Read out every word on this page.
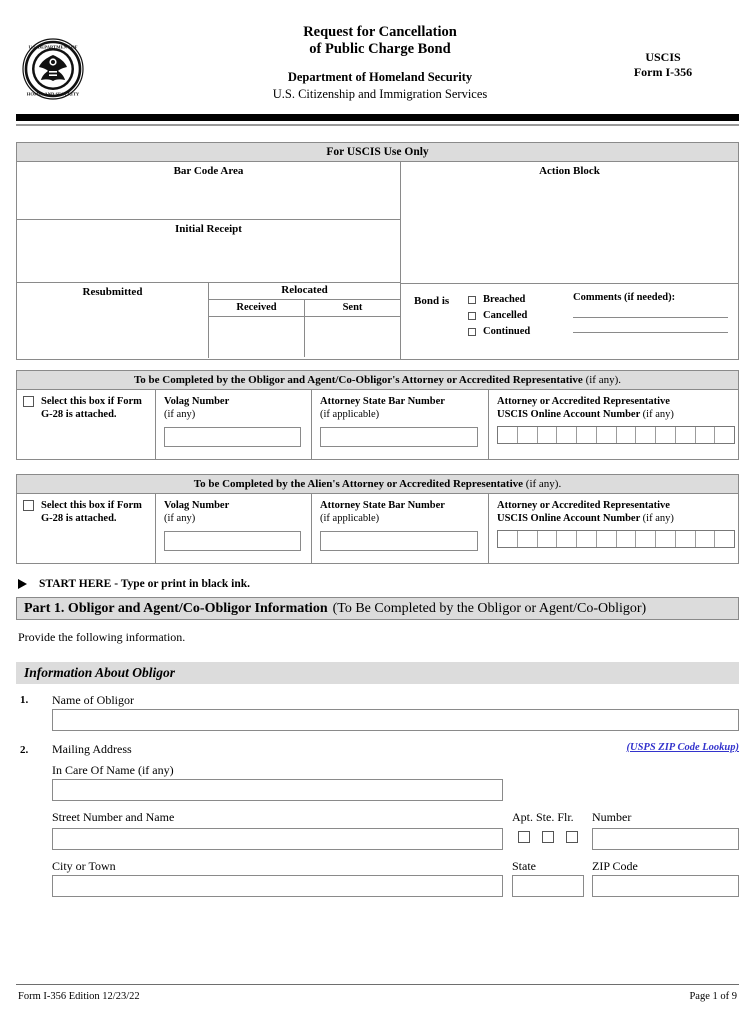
U.S. DEPARTMENT OF
HOMELAND SECURITY
Request for Cancellation
of Public Charge Bond
Department of Homeland Security
U.S. Citizenship and Immigration Services
USCIS
Form I-356
For USCIS Use Only
Bar Code Area
Initial Receipt
Resubmitted	Relocated
Received	Sent
Action Block
Bond is	Breached
Cancelled
Continued
Comments (if needed):
To be Completed by the Obligor and Agent/Co-Obligor's Attorney or Accredited Representative (if any).
Select this box if Form G-28 is attached.
Volag Number
(if any)
Attorney State Bar Number
(if applicable)
Attorney or Accredited Representative
USCIS Online Account Number (if any)
To be Completed by the Alien's Attorney or Accredited Representative (if any).
Select this box if Form G-28 is attached.
Volag Number
(if any)
Attorney State Bar Number
(if applicable)
Attorney or Accredited Representative
USCIS Online Account Number (if any)
START HERE - Type or print in black ink.
Part 1. Obligor and Agent/Co-Obligor Information (To Be Completed by the Obligor or Agent/Co-Obligor)
Provide the following information.
Information About Obligor
1. Name of Obligor
2. Mailing Address	(USPS ZIP Code Lookup)
In Care Of Name (if any)
Street Number and Name	Apt. Ste. Flr. Number
City or Town	State	ZIP Code
Form I-356 Edition 12/23/22	Page 1 of 9
